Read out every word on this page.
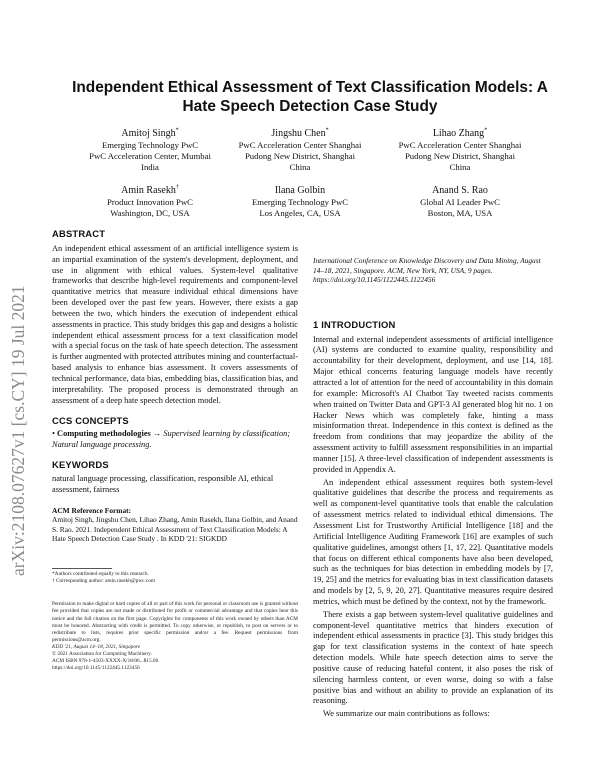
arXiv:2108.07627v1 [cs.CY] 19 Jul 2021
Independent Ethical Assessment of Text Classification Models: A Hate Speech Detection Case Study
Amitoj Singh*
Emerging Technology PwC
PwC Acceleration Center, Mumbai
India
Jingshu Chen*
PwC Acceleration Center Shanghai
Pudong New District, Shanghai
China
Lihao Zhang*
PwC Acceleration Center Shanghai
Pudong New District, Shanghai
China
Amin Rasekh†
Product Innovation PwC
Washington, DC, USA
Ilana Golbin
Emerging Technology PwC
Los Angeles, CA, USA
Anand S. Rao
Global AI Leader PwC
Boston, MA, USA
ABSTRACT

An independent ethical assessment of an artificial intelligence system is an impartial examination of the system's development, deployment, and use in alignment with ethical values. System-level qualitative frameworks that describe high-level requirements and component-level quantitative metrics that measure individual ethical dimensions have been developed over the past few years. However, there exists a gap between the two, which hinders the execution of independent ethical assessments in practice. This study bridges this gap and designs a holistic independent ethical assessment process for a text classification model with a special focus on the task of hate speech detection. The assessment is further augmented with protected attributes mining and counterfactual-based analysis to enhance bias assessment. It covers assessments of technical performance, data bias, embedding bias, classification bias, and interpretability. The proposed process is demonstrated through an assessment of a deep hate speech detection model.

CCS CONCEPTS

• Computing methodologies → Supervised learning by classification; Natural language processing.

KEYWORDS

natural language processing, classification, responsible AI, ethical assessment, fairness

ACM Reference Format:

Amitoj Singh, Jingshu Chen, Lihao Zhang, Amin Rasekh, Ilana Golbin, and Anand S. Rao. 2021. Independent Ethical Assessment of Text Classification Models: A Hate Speech Detection Case Study . In KDD '21: SIGKDD

*Authors contributed equally to this research.

† Corresponding author: amin.rasekh@pwc.com

Permission to make digital or hard copies of all or part of this work for personal or classroom use is granted without fee provided that copies are not made or distributed for profit or commercial advantage and that copies bear this notice and the full citation on the first page. Copyrights for components of this work owned by others than ACM must be honored. Abstracting with credit is permitted. To copy otherwise, or republish, to post on servers or to redistribute to lists, requires prior specific permission and/or a fee. Request permissions from permissions@acm.org.

KDD '21, August 14–18, 2021, Singapore

© 2021 Association for Computing Machinery.

ACM ISBN 978-1-4503-XXXX-X/18/06...$15.00

https://doi.org/10.1145/1122445.1122456

International Conference on Knowledge Discovery and Data Mining, August 14–18, 2021, Singapore. ACM, New York, NY, USA, 9 pages. https://doi.org/10.1145/1122445.1122456

1 INTRODUCTION

Internal and external independent assessments of artificial intelligence (AI) systems are conducted to examine quality, responsibility and accountability for their development, deployment, and use [14, 18]. Major ethical concerns featuring language models have recently attracted a lot of attention for the need of accountability in this domain for example: Microsoft's AI Chatbot Tay tweeted racists comments when trained on Twitter Data and GPT-3 AI generated blog hit no. 1 on Hacker News which was completely fake, hinting a mass misinformation threat. Independence in this context is defined as the freedom from conditions that may jeopardize the ability of the assessment activity to fulfill assessment responsibilities in an impartial manner [15]. A three-level classification of independent assessments is provided in Appendix A.

An independent ethical assessment requires both system-level qualitative guidelines that describe the process and requirements as well as component-level quantitative tools that enable the calculation of assessment metrics related to individual ethical dimensions. The Assessment List for Trustworthy Artificial Intelligence [18] and the Artificial Intelligence Auditing Framework [16] are examples of such qualitative guidelines, amongst others [1, 17, 22]. Quantitative models that focus on different ethical components have also been developed, such as the techniques for bias detection in embedding models by [7, 19, 25] and the metrics for evaluating bias in text classification datasets and models by [2, 5, 9, 20, 27]. Quantitative measures require desired metrics, which must be defined by the context, not by the framework.

There exists a gap between system-level qualitative guidelines and component-level quantitative metrics that hinders execution of independent ethical assessments in practice [3]. This study bridges this gap for text classification systems in the context of hate speech detection models. While hate speech detection aims to serve the positive cause of reducing hateful content, it also poses the risk of silencing harmless content, or even worse, doing so with a false positive bias and without an ability to provide an explanation of its reasoning.

We summarize our main contributions as follows:
